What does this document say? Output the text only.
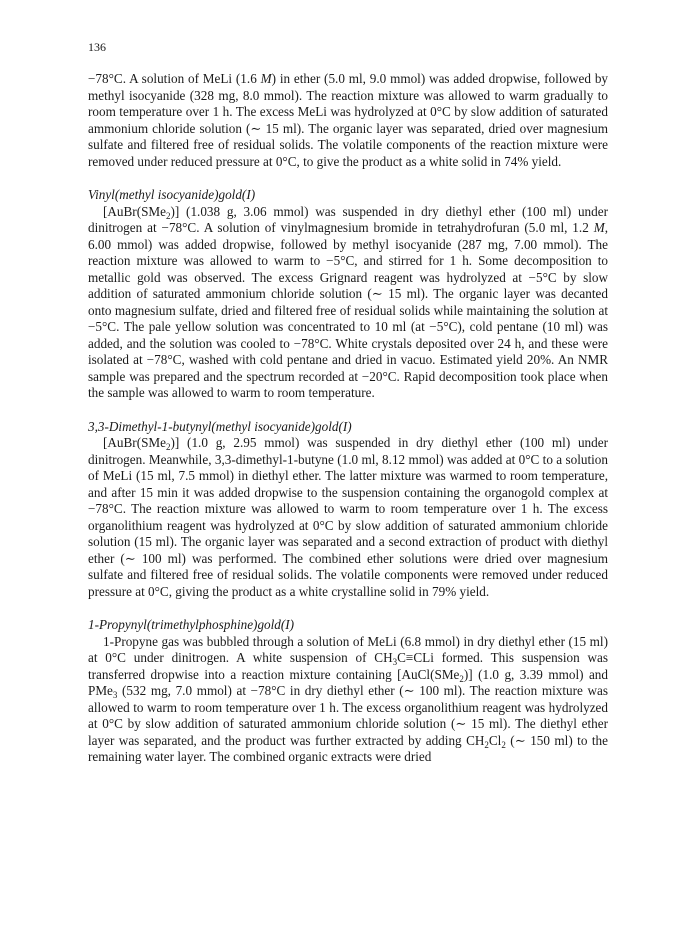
136

−78°C. A solution of MeLi (1.6 M) in ether (5.0 ml, 9.0 mmol) was added dropwise, followed by methyl isocyanide (328 mg, 8.0 mmol). The reaction mixture was allowed to warm gradually to room temperature over 1 h. The excess MeLi was hydrolyzed at 0°C by slow addition of saturated ammonium chloride solution (∼ 15 ml). The organic layer was separated, dried over magnesium sulfate and filtered free of residual solids. The volatile components of the reaction mixture were removed under reduced pressure at 0°C, to give the product as a white solid in 74% yield.

Vinyl(methyl isocyanide)gold(I)

[AuBr(SMe$_2$)] (1.038 g, 3.06 mmol) was suspended in dry diethyl ether (100 ml) under dinitrogen at −78°C. A solution of vinylmagnesium bromide in tetrahydrofuran (5.0 ml, 1.2 M, 6.00 mmol) was added dropwise, followed by methyl isocyanide (287 mg, 7.00 mmol). The reaction mixture was allowed to warm to −5°C, and stirred for 1 h. Some decomposition to metallic gold was observed. The excess Grignard reagent was hydrolyzed at −5°C by slow addition of saturated ammonium chloride solution (∼ 15 ml). The organic layer was decanted onto magnesium sulfate, dried and filtered free of residual solids while maintaining the solution at −5°C. The pale yellow solution was concentrated to 10 ml (at −5°C), cold pentane (10 ml) was added, and the solution was cooled to −78°C. White crystals deposited over 24 h, and these were isolated at −78°C, washed with cold pentane and dried in vacuo. Estimated yield 20%. An NMR sample was prepared and the spectrum recorded at −20°C. Rapid decomposition took place when the sample was allowed to warm to room temperature.

3,3-Dimethyl-1-butynyl(methyl isocyanide)gold(I)

[AuBr(SMe$_2$)] (1.0 g, 2.95 mmol) was suspended in dry diethyl ether (100 ml) under dinitrogen. Meanwhile, 3,3-dimethyl-1-butyne (1.0 ml, 8.12 mmol) was added at 0°C to a solution of MeLi (15 ml, 7.5 mmol) in diethyl ether. The latter mixture was warmed to room temperature, and after 15 min it was added dropwise to the suspension containing the organogold complex at −78°C. The reaction mixture was allowed to warm to room temperature over 1 h. The excess organolithium reagent was hydrolyzed at 0°C by slow addition of saturated ammonium chloride solution (15 ml). The organic layer was separated and a second extraction of product with diethyl ether (∼ 100 ml) was performed. The combined ether solutions were dried over magnesium sulfate and filtered free of residual solids. The volatile components were removed under reduced pressure at 0°C, giving the product as a white crystalline solid in 79% yield.

1-Propynyl(trimethylphosphine)gold(I)

1-Propyne gas was bubbled through a solution of MeLi (6.8 mmol) in dry diethyl ether (15 ml) at 0°C under dinitrogen. A white suspension of $CH_3C\equiv CLi$ formed. This suspension was transferred dropwise into a reaction mixture containing [AuCl(SMe$_2$)] (1.0 g, 3.39 mmol) and PMe$_3$ (532 mg, 7.0 mmol) at −78°C in dry diethyl ether (∼ 100 ml). The reaction mixture was allowed to warm to room temperature over 1 h. The excess organolithium reagent was hydrolyzed at 0°C by slow addition of saturated ammonium chloride solution (∼ 15 ml). The diethyl ether layer was separated, and the product was further extracted by adding $CH_2Cl_2$ (∼ 150 ml) to the remaining water layer. The combined organic extracts were dried
